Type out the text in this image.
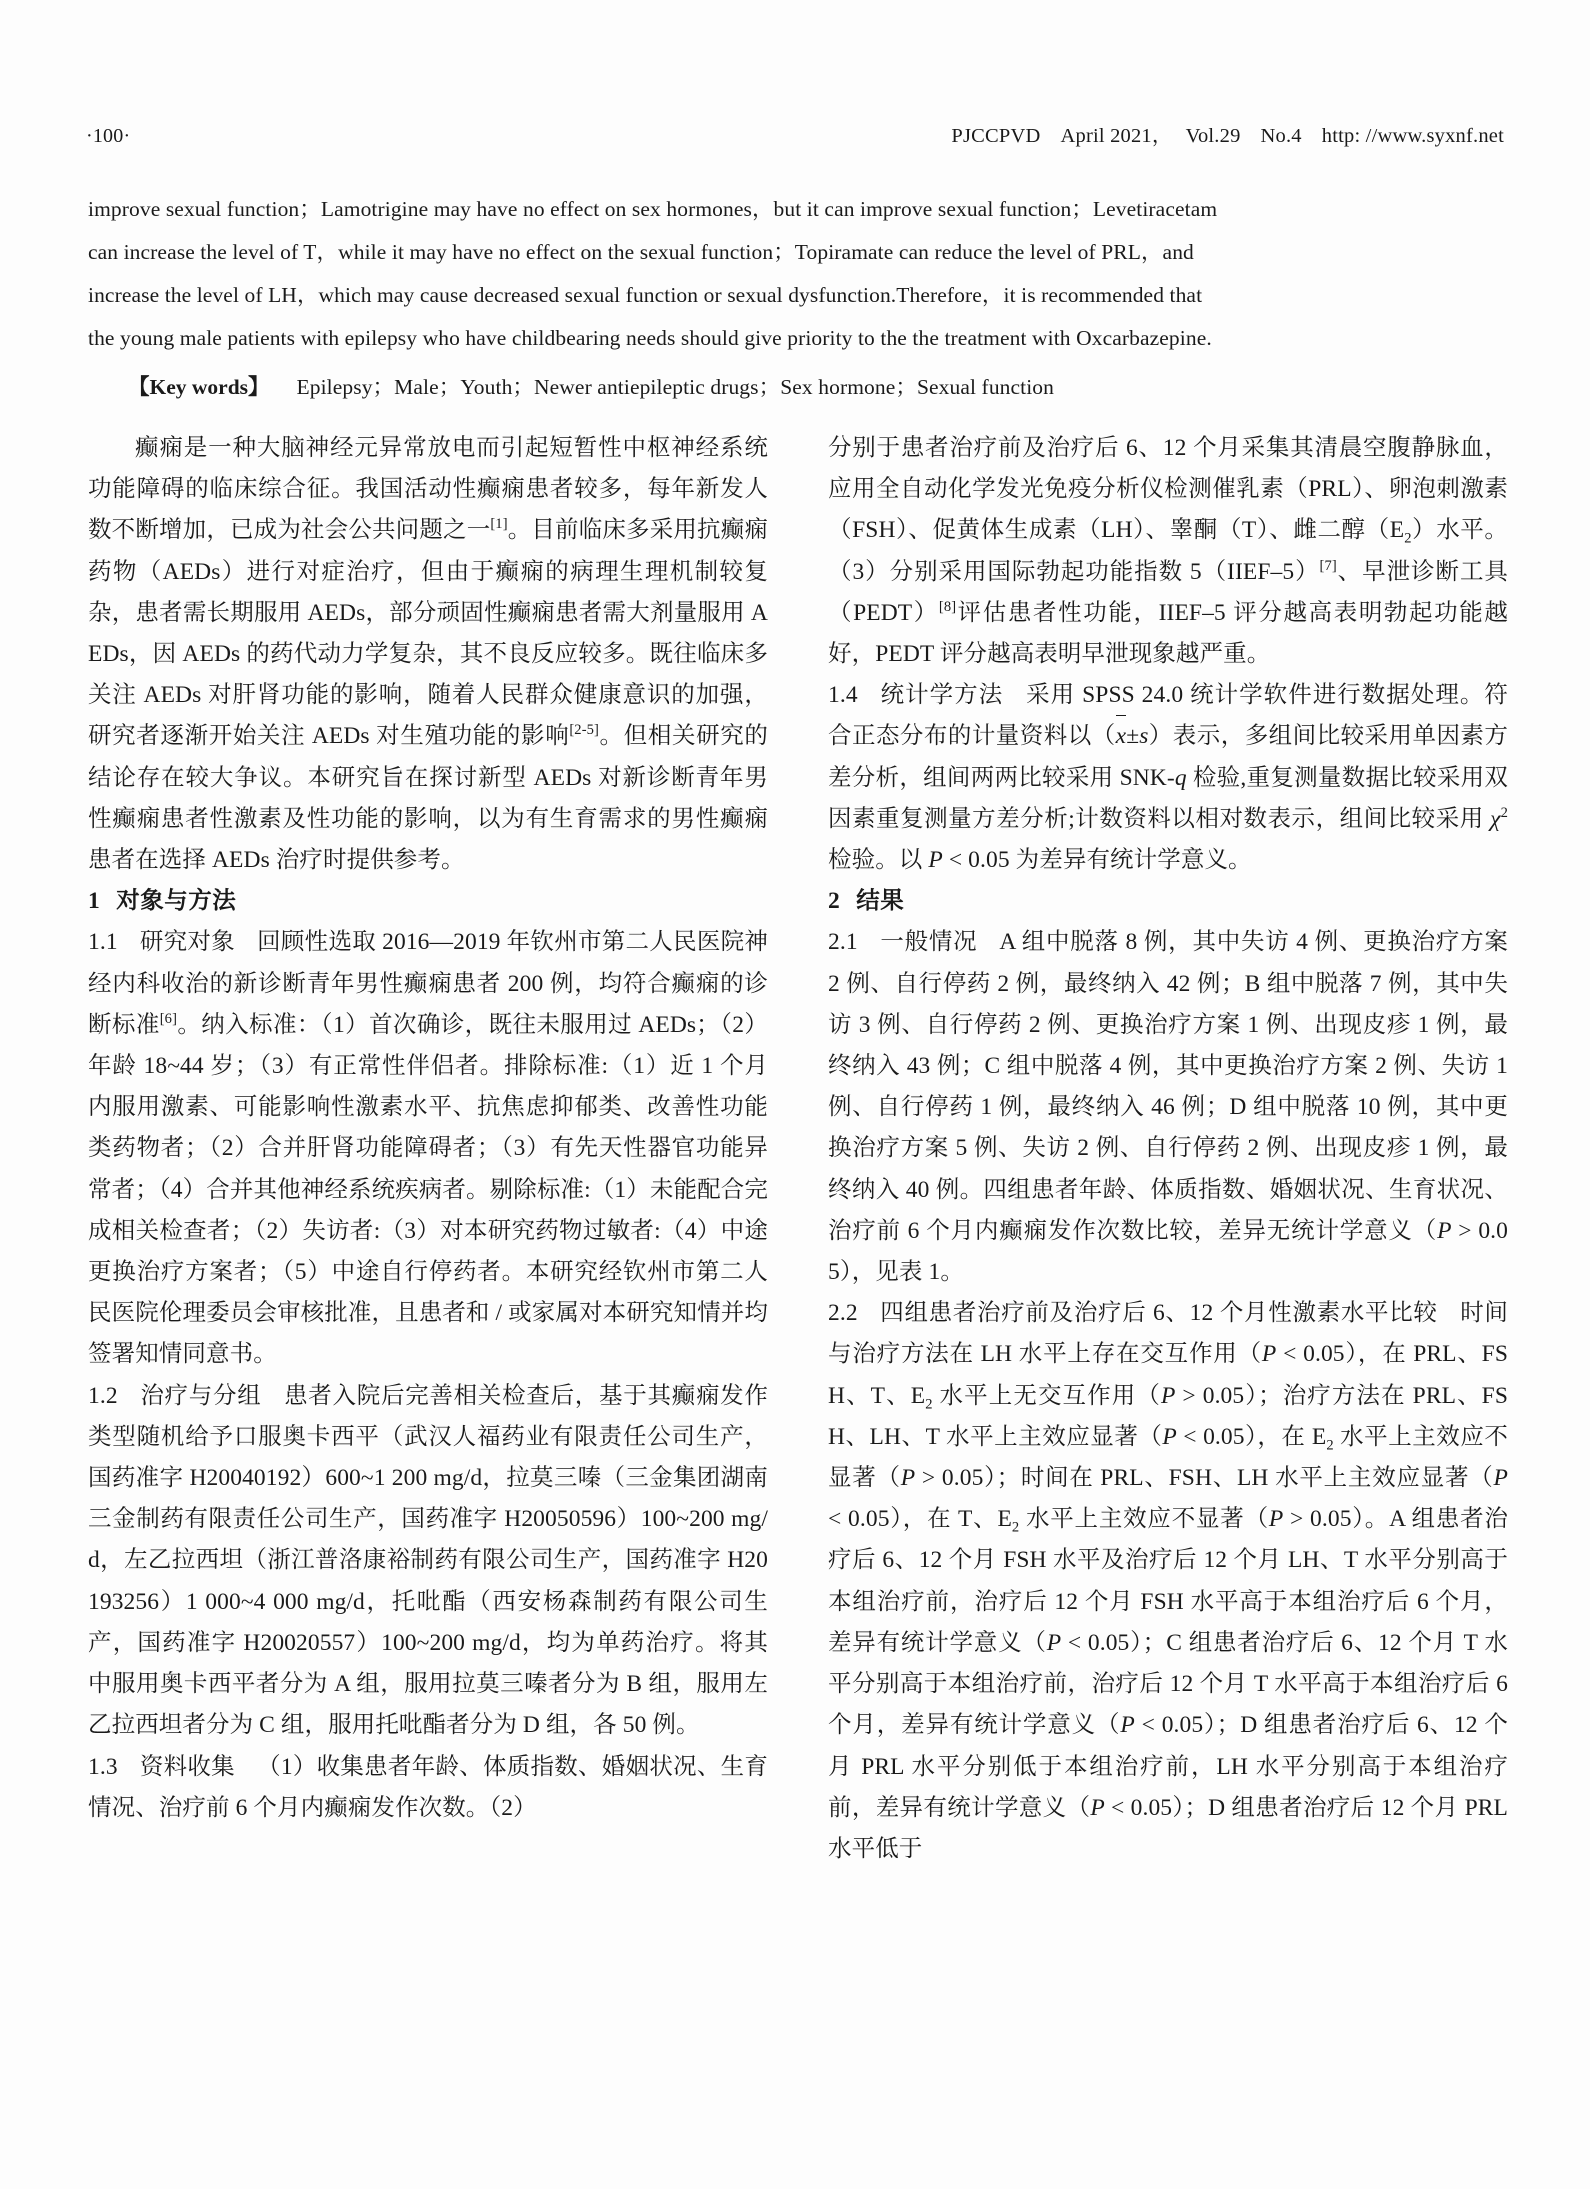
·100·	PJCCPVD April 2021， Vol.29 No.4 http: //www.syxnf.net

improve sexual function；Lamotrigine may have no effect on sex hormones，but it can improve sexual function；Levetiracetam

can increase the level of T，while it may have no effect on the sexual function；Topiramate can reduce the level of PRL，and

increase the level of LH，which may cause decreased sexual function or sexual dysfunction.Therefore，it is recommended that

the young male patients with epilepsy who have childbearing needs should give priority to the the treatment with Oxcarbazepine.

【Key words】 Epilepsy；Male；Youth；Newer antiepileptic drugs；Sex hormone；Sexual function

癫痫是一种大脑神经元异常放电而引起短暂性中枢神经系统功能障碍的临床综合征。我国活动性癫痫患者较多，每年新发人数不断增加，已成为社会公共问题之一[1]。目前临床多采用抗癫痫药物（AEDs）进行对症治疗，但由于癫痫的病理生理机制较复杂，患者需长期服用 AEDs，部分顽固性癫痫患者需大剂量服用 AEDs，因 AEDs 的药代动力学复杂，其不良反应较多。既往临床多关注 AEDs 对肝肾功能的影响，随着人民群众健康意识的加强，研究者逐渐开始关注 AEDs 对生殖功能的影响[2-5]。但相关研究的结论存在较大争议。本研究旨在探讨新型 AEDs 对新诊断青年男性癫痫患者性激素及性功能的影响，以为有生育需求的男性癫痫患者在选择 AEDs 治疗时提供参考。

1 对象与方法

1.1 研究对象 回顾性选取 2016—2019 年钦州市第二人民医院神经内科收治的新诊断青年男性癫痫患者 200 例，均符合癫痫的诊断标准[6]。纳入标准：（1）首次确诊，既往未服用过 AEDs；（2）年龄 18~44 岁；（3）有正常性伴侣者。排除标准:（1）近 1 个月内服用激素、可能影响性激素水平、抗焦虑抑郁类、改善性功能类药物者；（2）合并肝肾功能障碍者；（3）有先天性器官功能异常者；（4）合并其他神经系统疾病者。剔除标准:（1）未能配合完成相关检查者；（2）失访者:（3）对本研究药物过敏者:（4）中途更换治疗方案者；（5）中途自行停药者。本研究经钦州市第二人民医院伦理委员会审核批准，且患者和 / 或家属对本研究知情并均签署知情同意书。

1.2 治疗与分组 患者入院后完善相关检查后，基于其癫痫发作类型随机给予口服奥卡西平（武汉人福药业有限责任公司生产，国药准字 H20040192）600~1 200 mg/d，拉莫三嗪（三金集团湖南三金制药有限责任公司生产，国药准字 H20050596）100~200 mg/d，左乙拉西坦（浙江普洛康裕制药有限公司生产，国药准字 H20193256）1 000~4 000 mg/d，托吡酯（西安杨森制药有限公司生产，国药准字 H20020557）100~200 mg/d，均为单药治疗。将其中服用奥卡西平者分为 A 组，服用拉莫三嗪者分为 B 组，服用左乙拉西坦者分为 C 组，服用托吡酯者分为 D 组，各 50 例。

1.3 资料收集 （1）收集患者年龄、体质指数、婚姻状况、生育情况、治疗前 6 个月内癫痫发作次数。（2）

分别于患者治疗前及治疗后 6、12 个月采集其清晨空腹静脉血，应用全自动化学发光免疫分析仪检测催乳素（PRL）、卵泡刺激素（FSH）、促黄体生成素（LH）、睾酮（T）、雌二醇$(E_2)$水平。（3）分别采用国际勃起功能指数 5（IIEF–5）[7]、早泄诊断工具（PEDT）[8]评估患者性功能，IIEF–5 评分越高表明勃起功能越好，PEDT 评分越高表明早泄现象越严重。

1.4 统计学方法 采用 SPSS 24.0 统计学软件进行数据处理。符合正态分布的计量资料以（x±s）表示，多组间比较采用单因素方差分析，组间两两比较采用 SNK-q 检验,重复测量数据比较采用双因素重复测量方差分析;计数资料以相对数表示，组间比较采用 $\chi^2$ 检验。以 P < 0.05 为差异有统计学意义。

2 结果

2.1 一般情况 A 组中脱落 8 例，其中失访 4 例、更换治疗方案 2 例、自行停药 2 例，最终纳入 42 例；B 组中脱落 7 例，其中失访 3 例、自行停药 2 例、更换治疗方案 1 例、出现皮疹 1 例，最终纳入 43 例；C 组中脱落 4 例，其中更换治疗方案 2 例、失访 1 例、自行停药 1 例，最终纳入 46 例；D 组中脱落 10 例，其中更换治疗方案 5 例、失访 2 例、自行停药 2 例、出现皮疹 1 例，最终纳入 40 例。四组患者年龄、体质指数、婚姻状况、生育状况、治疗前 6 个月内癫痫发作次数比较，差异无统计学意义（P > 0.05），见表 1。

2.2 四组患者治疗前及治疗后 6、12 个月性激素水平比较 时间与治疗方法在 LH 水平上存在交互作用（P < 0.05），在 PRL、FSH、T、$E_2$ 水平上无交互作用（P > 0.05）；治疗方法在 PRL、FSH、LH、T 水平上主效应显著（P < 0.05），在 $E_2$ 水平上主效应不显著（P > 0.05）；时间在 PRL、FSH、LH 水平上主效应显著（P < 0.05），在 T、$E_2$ 水平上主效应不显著（P > 0.05）。A 组患者治疗后 6、12 个月 FSH 水平及治疗后 12 个月 LH、T 水平分别高于本组治疗前，治疗后 12 个月 FSH 水平高于本组治疗后 6 个月，差异有统计学意义（P < 0.05）；C 组患者治疗后 6、12 个月 T 水平分别高于本组治疗前，治疗后 12 个月 T 水平高于本组治疗后 6 个月，差异有统计学意义（P < 0.05）；D 组患者治疗后 6、12 个月 PRL 水平分别低于本组治疗前，LH 水平分别高于本组治疗前，差异有统计学意义（P < 0.05）；D 组患者治疗后 12 个月 PRL 水平低于
